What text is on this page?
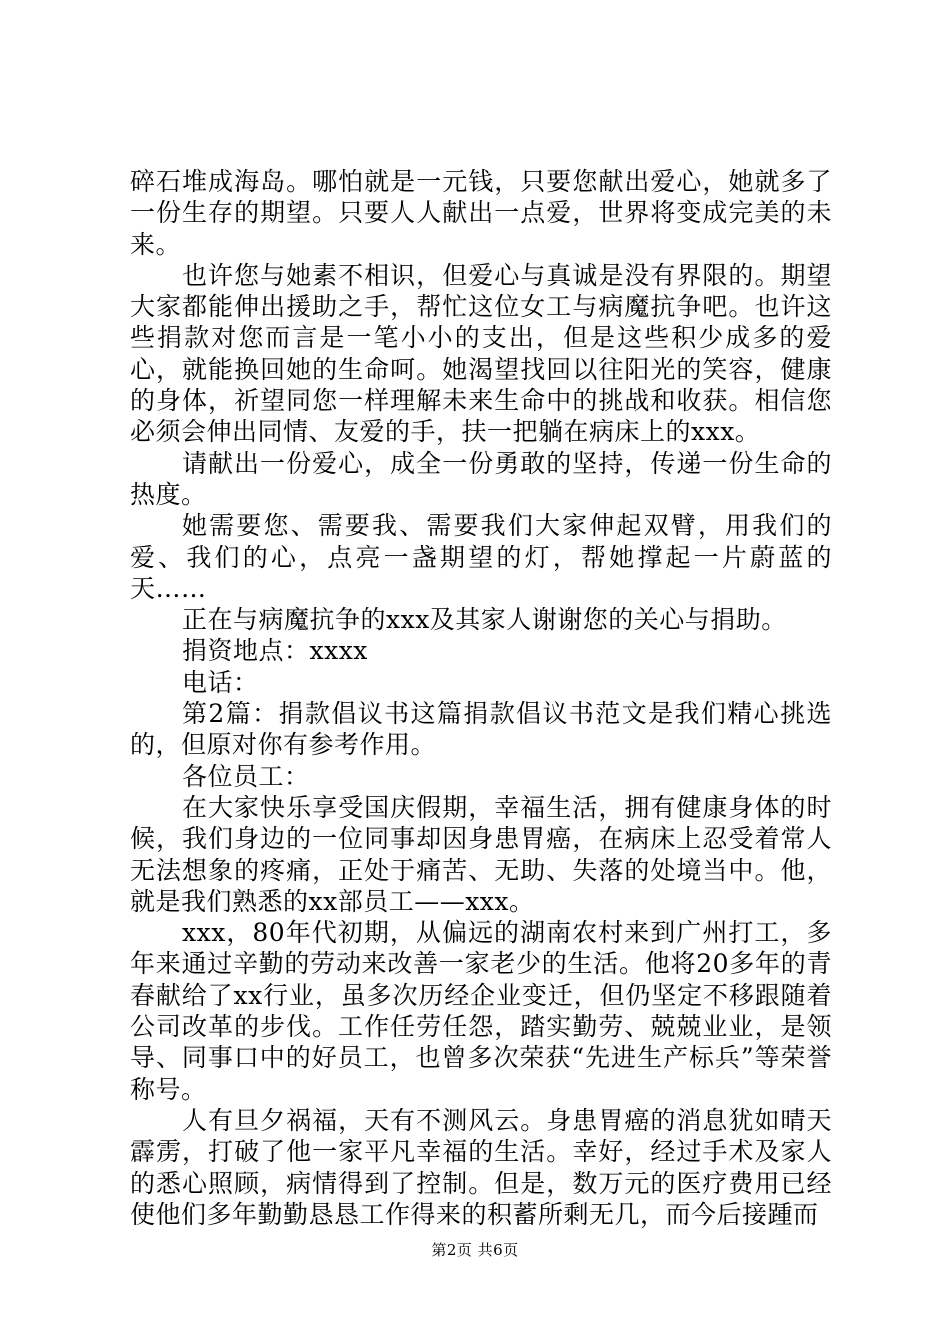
碎石堆成海岛。哪怕就是一元钱，只要您献出爱心，她就多了一份生存的期望。只要人人献出一点爱，世界将变成完美的未来。

也许您与她素不相识，但爱心与真诚是没有界限的。期望大家都能伸出援助之手，帮忙这位女工与病魔抗争吧。也许这些捐款对您而言是一笔小小的支出，但是这些积少成多的爱心，就能换回她的生命呵。她渴望找回以往阳光的笑容，健康的身体，祈望同您一样理解未来生命中的挑战和收获。相信您必须会伸出同情、友爱的手，扶一把躺在病床上的xxx。

请献出一份爱心，成全一份勇敢的坚持，传递一份生命的热度。

她需要您、需要我、需要我们大家伸起双臂，用我们的爱、我们的心，点亮一盏期望的灯，帮她撑起一片蔚蓝的天……

正在与病魔抗争的xxx及其家人谢谢您的关心与捐助。

捐资地点：xxxx

电话：

第2篇：捐款倡议书这篇捐款倡议书范文是我们精心挑选的，但原对你有参考作用。

各位员工：

在大家快乐享受国庆假期，幸福生活，拥有健康身体的时候，我们身边的一位同事却因身患胃癌，在病床上忍受着常人无法想象的疼痛，正处于痛苦、无助、失落的处境当中。他，就是我们熟悉的xx部员工——xxx。

xxx，80年代初期，从偏远的湖南农村来到广州打工，多年来通过辛勤的劳动来改善一家老少的生活。他将20多年的青春献给了xx行业，虽多次历经企业变迁，但仍坚定不移跟随着公司改革的步伐。工作任劳任怨，踏实勤劳、兢兢业业，是领导、同事口中的好员工，也曾多次荣获“先进生产标兵”等荣誉称号。

人有旦夕祸福，天有不测风云。身患胃癌的消息犹如晴天霹雳，打破了他一家平凡幸福的生活。幸好，经过手术及家人的悉心照顾，病情得到了控制。但是，数万元的医疗费用已经使他们多年勤勤恳恳工作得来的积蓄所剩无几，而今后接踵而

第2页 共6页
